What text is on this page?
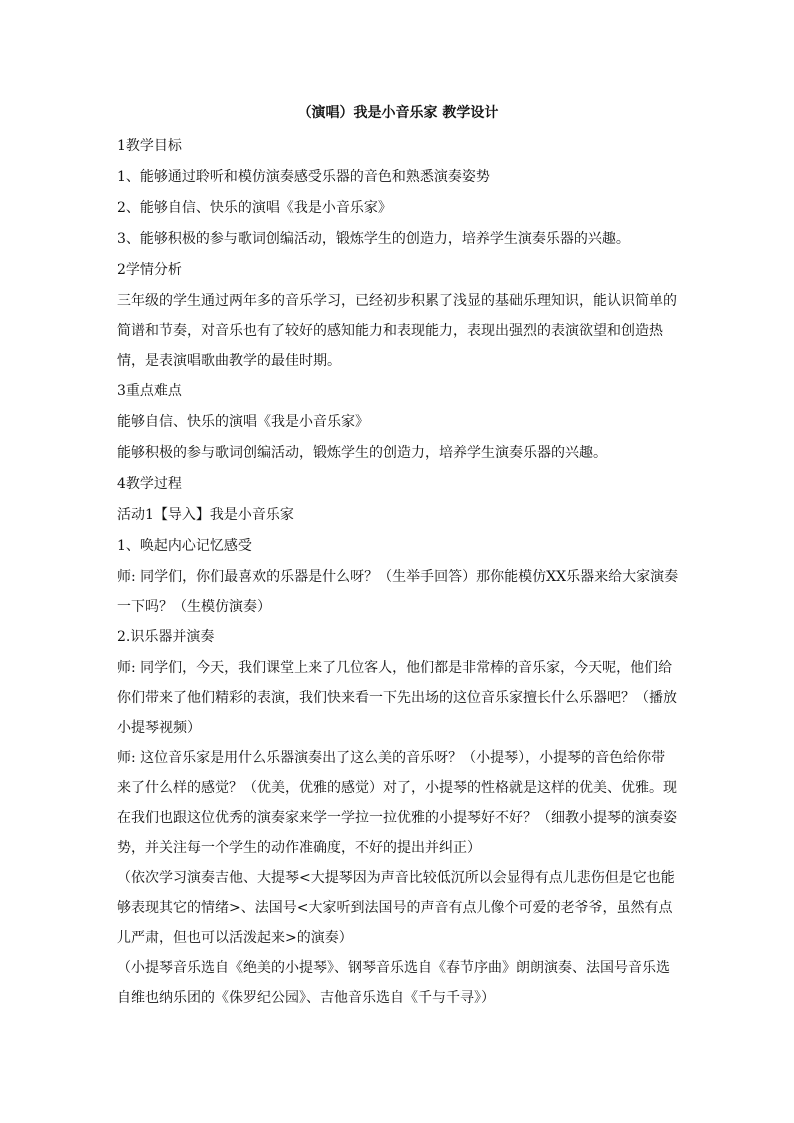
（演唱）我是小音乐家 教学设计
1教学目标
1、能够通过聆听和模仿演奏感受乐器的音色和熟悉演奏姿势
2、能够自信、快乐的演唱《我是小音乐家》
3、能够积极的参与歌词创编活动，锻炼学生的创造力，培养学生演奏乐器的兴趣。
2学情分析
三年级的学生通过两年多的音乐学习，已经初步积累了浅显的基础乐理知识，能认识简单的简谱和节奏，对音乐也有了较好的感知能力和表现能力，表现出强烈的表演欲望和创造热情，是表演唱歌曲教学的最佳时期。
3重点难点
能够自信、快乐的演唱《我是小音乐家》
能够积极的参与歌词创编活动，锻炼学生的创造力，培养学生演奏乐器的兴趣。
4教学过程
活动1【导入】我是小音乐家
1、唤起内心记忆感受
师: 同学们，你们最喜欢的乐器是什么呀？（生举手回答）那你能模仿XX乐器来给大家演奏一下吗？（生模仿演奏）
2.识乐器并演奏
师: 同学们，今天，我们课堂上来了几位客人，他们都是非常棒的音乐家，今天呢，他们给你们带来了他们精彩的表演，我们快来看一下先出场的这位音乐家擅长什么乐器吧？（播放小提琴视频）
师: 这位音乐家是用什么乐器演奏出了这么美的音乐呀？（小提琴），小提琴的音色给你带来了什么样的感觉？（优美，优雅的感觉）对了，小提琴的性格就是这样的优美、优雅。现在我们也跟这位优秀的演奏家来学一学拉一拉优雅的小提琴好不好？（细教小提琴的演奏姿势，并关注每一个学生的动作准确度，不好的提出并纠正）
（依次学习演奏吉他、大提琴<大提琴因为声音比较低沉所以会显得有点儿悲伤但是它也能够表现其它的情绪>、法国号<大家听到法国号的声音有点儿像个可爱的老爷爷，虽然有点儿严肃，但也可以活泼起来>的演奏）
（小提琴音乐选自《绝美的小提琴》、钢琴音乐选自《春节序曲》朗朗演奏、法国号音乐选自维也纳乐团的《侏罗纪公园》、吉他音乐选自《千与千寻》）
